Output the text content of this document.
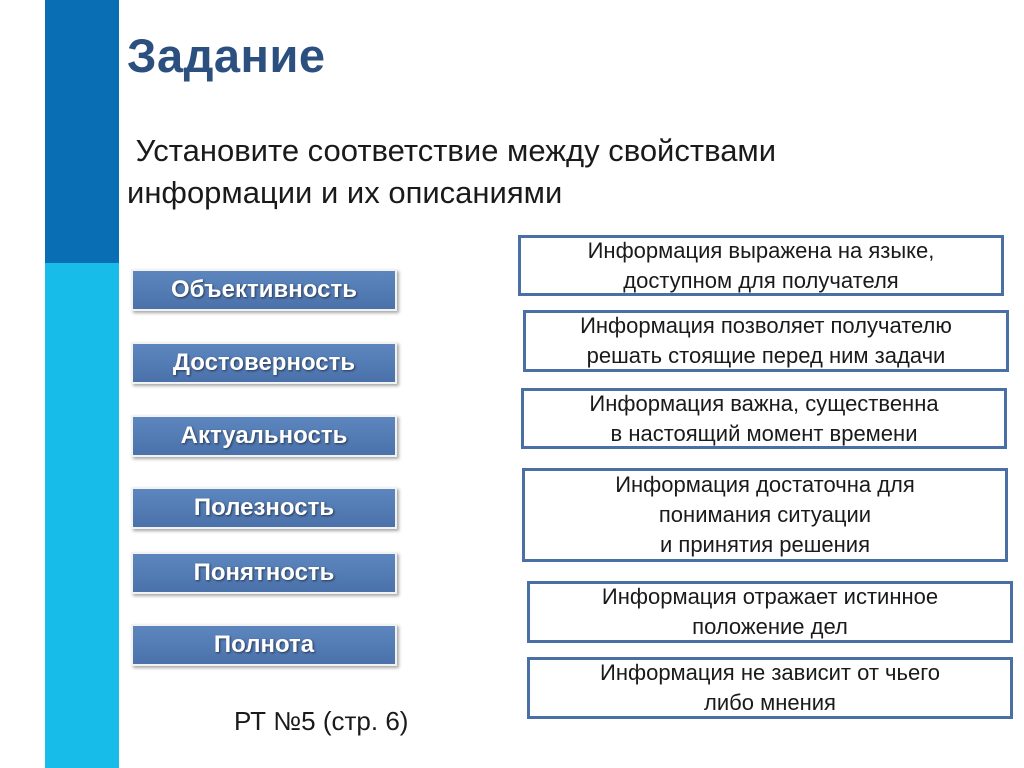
Задание
Установите соответствие между свойствами
информации и их описаниями
Объективность
Достоверность
Актуальность
Полезность
Понятность
Полнота
Информация выражена на языке,
доступном для получателя
Информация позволяет получателю
решать стоящие перед ним задачи
Информация важна, существенна
в настоящий момент времени
Информация достаточна для
понимания ситуации
и принятия решения
Информация отражает истинное
положение дел
Информация не зависит от чьего
либо мнения
РТ №5 (стр. 6)
